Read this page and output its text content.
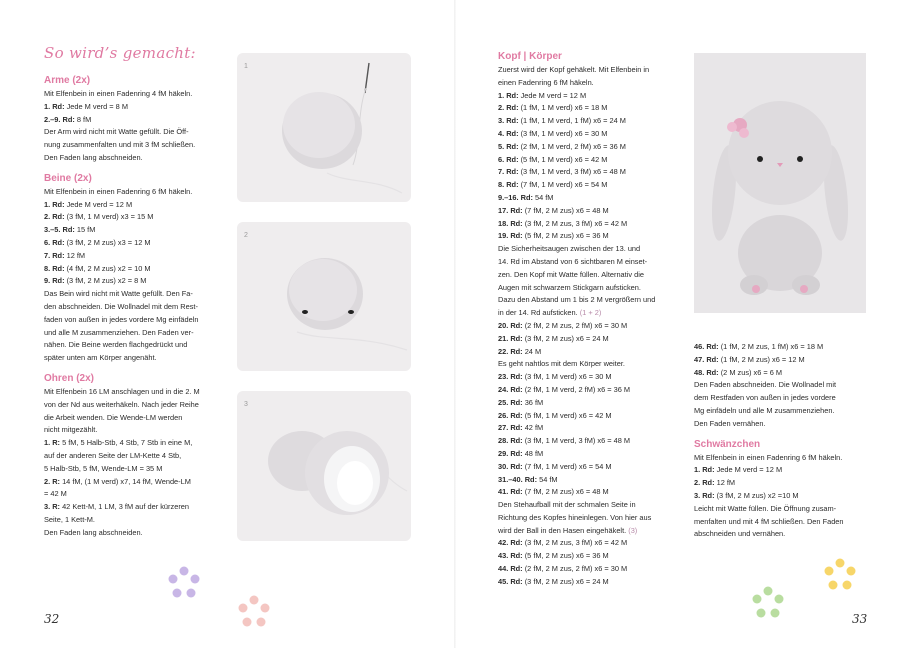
So wird’s gemacht:

Arme (2x)

Mit Elfenbein in einen Fadenring 4 fM häkeln.

1. Rd: Jede M verd = 8 M

2.–9. Rd: 8 fM

Der Arm wird nicht mit Watte gefüllt. Die Öff-

nung zusammenfalten und mit 3 fM schließen.

Den Faden lang abschneiden.

Beine (2x)

Mit Elfenbein in einen Fadenring 6 fM häkeln.

1. Rd: Jede M verd = 12 M

2. Rd: (3 fM, 1 M verd) x3 = 15 M

3.–5. Rd: 15 fM

6. Rd: (3 fM, 2 M zus) x3 = 12 M

7. Rd: 12 fM

8. Rd: (4 fM, 2 M zus) x2 = 10 M

9. Rd: (3 fM, 2 M zus) x2 = 8 M

Das Bein wird nicht mit Watte gefüllt. Den Fa-

den abschneiden. Die Wollnadel mit dem Rest-

faden von außen in jedes vordere Mg einfädeln

und alle M zusammenziehen. Den Faden ver-

nähen. Die Beine werden flachgedrückt und

später unten am Körper angenäht.

Ohren (2x)

Mit Elfenbein 16 LM anschlagen und in die 2. M

von der Nd aus weiterhäkeln. Nach jeder Reihe

die Arbeit wenden. Die Wende-LM werden

nicht mitgezählt.

1. R: 5 fM, 5 Halb-Stb, 4 Stb, 7 Stb in eine M,

auf der anderen Seite der LM-Kette 4 Stb,

5 Halb-Stb, 5 fM, Wende-LM = 35 M

2. R: 14 fM, (1 M verd) x7, 14 fM, Wende-LM

= 42 M

3. R: 42 Kett-M, 1 LM, 3 fM auf der kürzeren

Seite, 1 Kett-M.

Den Faden lang abschneiden.

1
2
3
32

Kopf | Körper

Zuerst wird der Kopf gehäkelt. Mit Elfenbein in

einen Fadenring 6 fM häkeln.

1. Rd: Jede M verd = 12 M

2. Rd: (1 fM, 1 M verd) x6 = 18 M

3. Rd: (1 fM, 1 M verd, 1 fM) x6 = 24 M

4. Rd: (3 fM, 1 M verd) x6 = 30 M

5. Rd: (2 fM, 1 M verd, 2 fM) x6 = 36 M

6. Rd: (5 fM, 1 M verd) x6 = 42 M

7. Rd: (3 fM, 1 M verd, 3 fM) x6 = 48 M

8. Rd: (7 fM, 1 M verd) x6 = 54 M

9.–16. Rd: 54 fM

17. Rd: (7 fM, 2 M zus) x6 = 48 M

18. Rd: (3 fM, 2 M zus, 3 fM) x6 = 42 M

19. Rd: (5 fM, 2 M zus) x6 = 36 M

Die Sicherheitsaugen zwischen der 13. und

14. Rd im Abstand von 6 sichtbaren M einset-

zen. Den Kopf mit Watte füllen. Alternativ die

Augen mit schwarzem Stickgarn aufsticken.

Dazu den Abstand um 1 bis 2 M vergrößern und

in der 14. Rd aufsticken. (1 + 2)

20. Rd: (2 fM, 2 M zus, 2 fM) x6 = 30 M

21. Rd: (3 fM, 2 M zus) x6 = 24 M

22. Rd: 24 M

Es geht nahtlos mit dem Körper weiter.

23. Rd: (3 fM, 1 M verd) x6 = 30 M

24. Rd: (2 fM, 1 M verd, 2 fM) x6 = 36 M

25. Rd: 36 fM

26. Rd: (5 fM, 1 M verd) x6 = 42 M

27. Rd: 42 fM

28. Rd: (3 fM, 1 M verd, 3 fM) x6 = 48 M

29. Rd: 48 fM

30. Rd: (7 fM, 1 M verd) x6 = 54 M

31.–40. Rd: 54 fM

41. Rd: (7 fM, 2 M zus) x6 = 48 M

Den Stehaufball mit der schmalen Seite in

Richtung des Kopfes hineinlegen. Von hier aus

wird der Ball in den Hasen eingehäkelt. (3)

42. Rd: (3 fM, 2 M zus, 3 fM) x6 = 42 M

43. Rd: (5 fM, 2 M zus) x6 = 36 M

44. Rd: (2 fM, 2 M zus, 2 fM) x6 = 30 M

45. Rd: (3 fM, 2 M zus) x6 = 24 M

46. Rd: (1 fM, 2 M zus, 1 fM) x6 = 18 M

47. Rd: (1 fM, 2 M zus) x6 = 12 M

48. Rd: (2 M zus) x6 = 6 M

Den Faden abschneiden. Die Wollnadel mit

dem Restfaden von außen in jedes vordere

Mg einfädeln und alle M zusammenziehen.

Den Faden vernähen.

Schwänzchen

Mit Elfenbein in einen Fadenring 6 fM häkeln.

1. Rd: Jede M verd = 12 M

2. Rd: 12 fM

3. Rd: (3 fM, 2 M zus) x2 =10 M

Leicht mit Watte füllen. Die Öffnung zusam-

menfalten und mit 4 fM schließen. Den Faden

abschneiden und vernähen.

33
